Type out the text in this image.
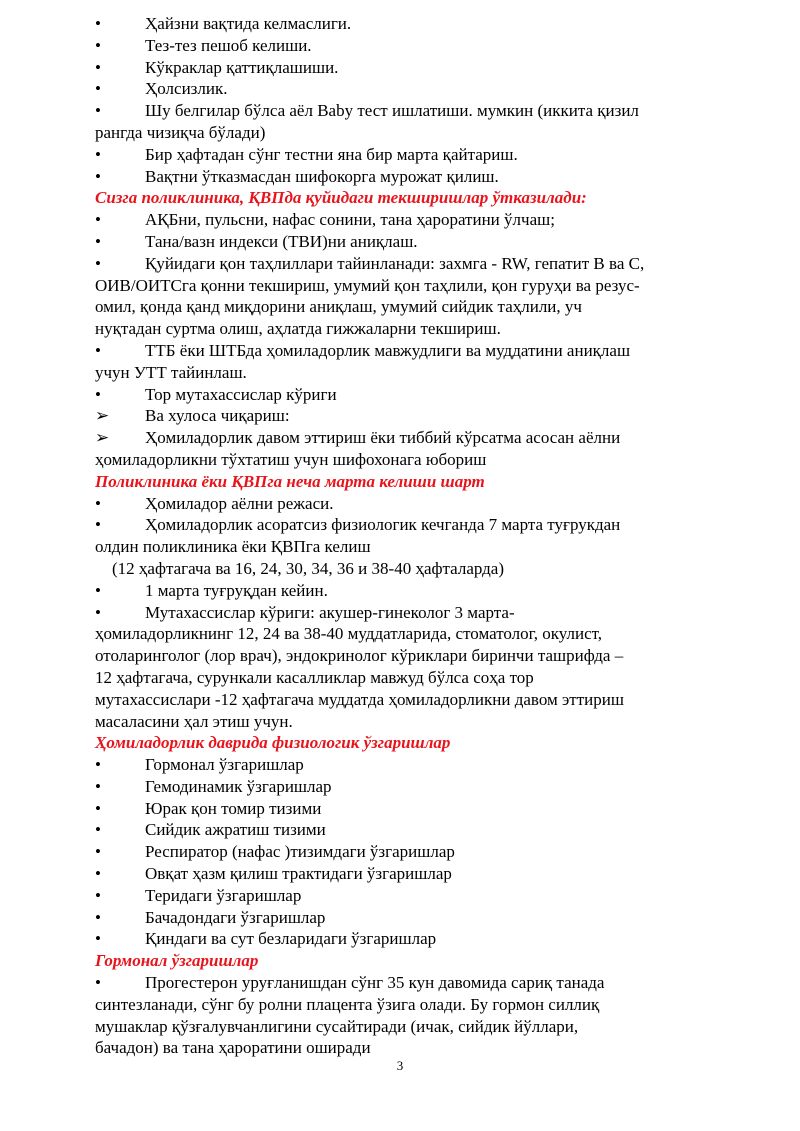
•	Ҳайзни вақтида келмаслиги.
•	Тез-тез пешоб келиши.
•	Кўкраклар қаттиқлашиши.
•	Ҳолсизлик.
•	Шу белгилар бўлса аёл Baby тест ишлатиши. мумкин (иккита қизил
рангда чизиқча бўлади)
•	Бир ҳафтадан сўнг тестни яна бир марта қайтариш.
•	Вақтни ўтказмасдан шифокорга мурожат қилиш.
Сизга поликлиника, ҚВПда қуйидаги текширишлар ўтказилади:
•	АҚБни, пульсни, нафас сонини, тана ҳароратини ўлчаш;
•	Тана/вазн индекси (ТВИ)ни аниқлаш.
•	Қуйидаги қон таҳлиллари тайинланади: захмга - RW, гепатит В ва С,
ОИВ/ОИТСга қонни текшириш, умумий қон таҳлили, қон гуруҳи ва резус-
омил, қонда қанд миқдорини аниқлаш, умумий сийдик таҳлили, уч
нуқтадан суртма олиш, аҳлатда гижжаларни текшириш.
•	ТТБ ёки ШТБда ҳомиладорлик мавжудлиги ва муддатини аниқлаш
учун УТТ тайинлаш.
•	Тор мутахассислар кўриги
➢ Ва хулоса чиқариш:
➢ Ҳомиладорлик давом эттириш ёки тиббий кўрсатма асосан аёлни
ҳомиладорликни тўхтатиш учун шифохонага юбориш
Поликлиника ёки ҚВПга неча марта келиши шарт
•	Ҳомиладор аёлни режаси.
•	Ҳомиладорлик асоратсиз физиологик кечганда 7 марта туғрукдан
олдин поликлиника ёки ҚВПга келиш
(12 ҳафтагача ва 16, 24, 30, 34, 36 и 38-40 ҳафталарда)
•	1 марта туғруқдан кейин.
•	Мутахассислар кўриги: акушер-гинеколог 3 марта-
ҳомиладорликнинг 12, 24 ва 38-40 муддатларида, стоматолог, окулист,
отоларинголог (лор врач), эндокринолог кўриклари биринчи ташрифда –
12 ҳафтагача, сурункали касалликлар мавжуд бўлса соҳа тор
мутахассислари -12 ҳафтагача муддатда ҳомиладорликни давом эттириш
масаласини ҳал этиш учун.
Ҳомиладорлик даврида физиологик ўзгаришлар
•	Гормонал ўзгаришлар
•	Гемодинамик ўзгаришлар
•	Юрак қон томир тизими
•	Сийдик ажратиш тизими
•	Респиратор (нафас )тизимдаги ўзгаришлар
•	Овқат ҳазм қилиш трактидаги ўзгаришлар
•	Теридаги ўзгаришлар
•	Бачадондаги ўзгаришлар
•	Қиндаги ва сут безларидаги ўзгаришлар
Гормонал ўзгаришлар
•	Прогестерон уруғланишдан сўнг 35 кун давомида сариқ танада
синтезланади, сўнг бу ролни плацента ўзига олади. Бу гормон силлиқ
мушаклар қўзғалувчанлигини сусайтиради (ичак, сийдик йўллари,
бачадон) ва тана ҳароратини оширади
3
